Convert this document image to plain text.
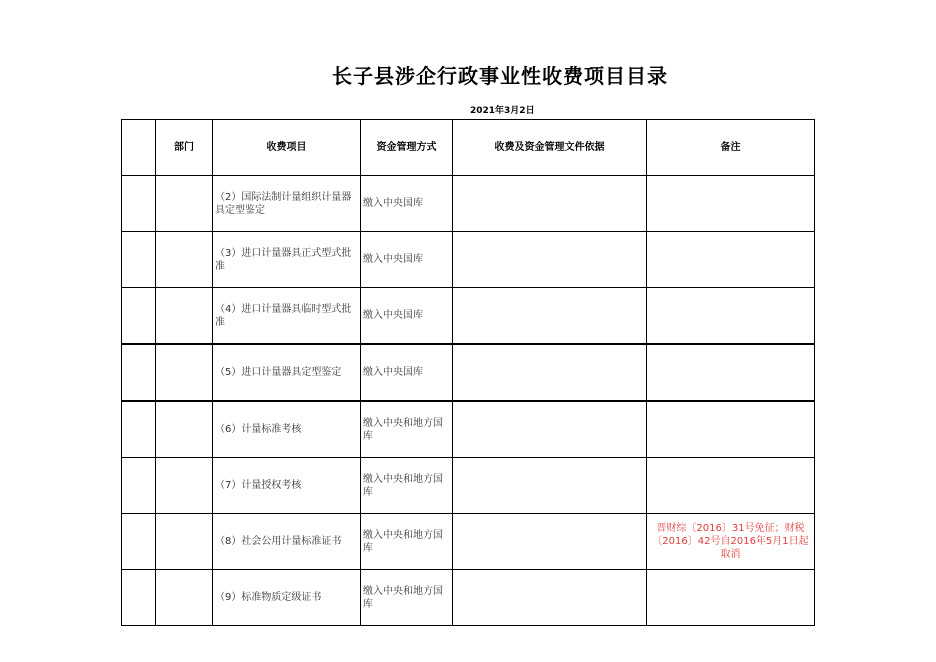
长子县涉企行政事业性收费项目目录
2021年3月2日
	部门	收费项目	资金管理方式	收费及资金管理文件依据	备注
		（2）国际法制计量组织计量器具定型鉴定	缴入中央国库		
		（3）进口计量器具正式型式批准	缴入中央国库		
		（4）进口计量器具临时型式批准	缴入中央国库		
		（5）进口计量器具定型鉴定	缴入中央国库		
		（6）计量标准考核	缴入中央和地方国库		
		（7）计量授权考核	缴入中央和地方国库		
		（8）社会公用计量标准证书	缴入中央和地方国库		晋财综〔2016〕31号免征；财税〔2016〕42号自2016年5月1日起取消
		（9）标准物质定级证书	缴入中央和地方国库		
